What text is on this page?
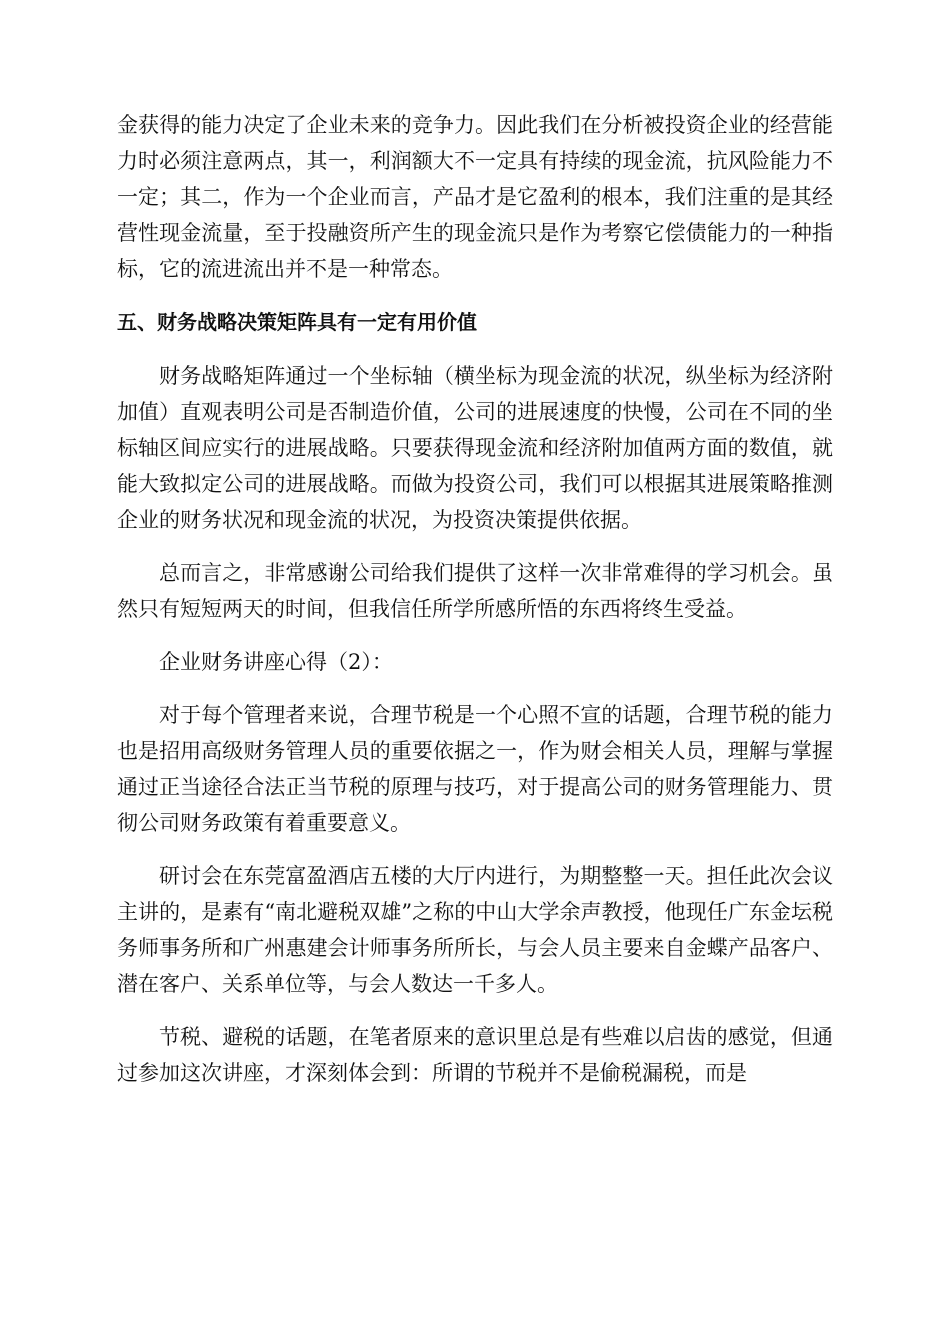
金获得的能力决定了企业未来的竞争力。因此我们在分析被投资企业的经营能力时必须注意两点，其一，利润额大不一定具有持续的现金流，抗风险能力不一定；其二，作为一个企业而言，产品才是它盈利的根本，我们注重的是其经营性现金流量，至于投融资所产生的现金流只是作为考察它偿债能力的一种指标，它的流进流出并不是一种常态。

五、财务战略决策矩阵具有一定有用价值

财务战略矩阵通过一个坐标轴（横坐标为现金流的状况，纵坐标为经济附加值）直观表明公司是否制造价值，公司的进展速度的快慢，公司在不同的坐标轴区间应实行的进展战略。只要获得现金流和经济附加值两方面的数值，就能大致拟定公司的进展战略。而做为投资公司，我们可以根据其进展策略推测企业的财务状况和现金流的状况，为投资决策提供依据。

总而言之，非常感谢公司给我们提供了这样一次非常难得的学习机会。虽然只有短短两天的时间，但我信任所学所感所悟的东西将终生受益。

企业财务讲座心得（2）：

对于每个管理者来说，合理节税是一个心照不宣的话题，合理节税的能力也是招用高级财务管理人员的重要依据之一，作为财会相关人员，理解与掌握通过正当途径合法正当节税的原理与技巧，对于提高公司的财务管理能力、贯彻公司财务政策有着重要意义。

研讨会在东莞富盈酒店五楼的大厅内进行，为期整整一天。担任此次会议主讲的，是素有“南北避税双雄”之称的中山大学余声教授，他现任广东金坛税务师事务所和广州惠建会计师事务所所长，与会人员主要来自金蝶产品客户、潜在客户、关系单位等，与会人数达一千多人。

节税、避税的话题，在笔者原来的意识里总是有些难以启齿的感觉，但通过参加这次讲座，才深刻体会到：所谓的节税并不是偷税漏税，而是
